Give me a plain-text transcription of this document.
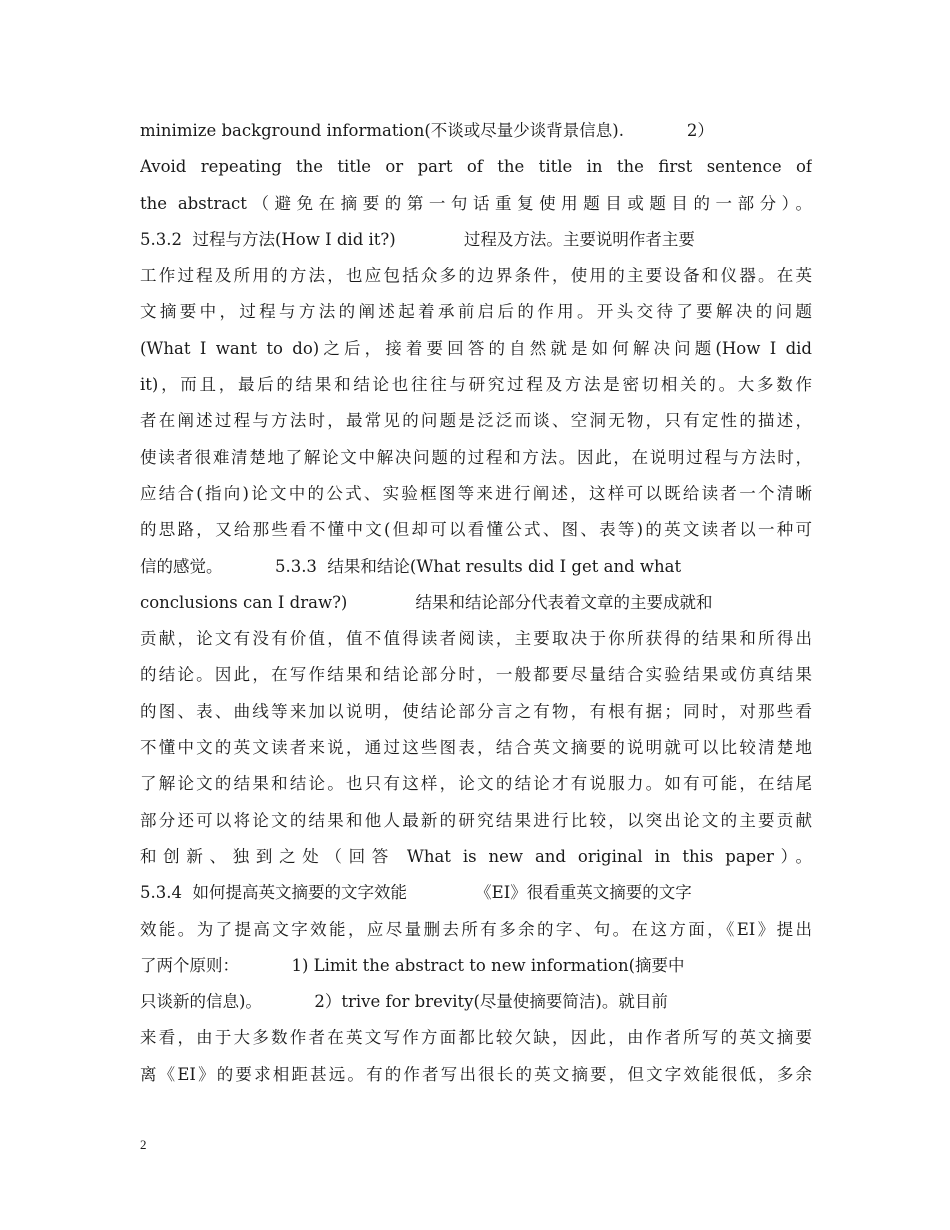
minimize background information(不谈或尽量少谈背景信息).            2）
Avoid repeating the title or part of the title in the first sentence of
the abstract（避免在摘要的第一句话重复使用题目或题目的一部分）。
5.3.2  过程与方法(How I did it?)             过程及方法。主要说明作者主要
工作过程及所用的方法，也应包括众多的边界条件，使用的主要设备和仪器。在英
文摘要中，过程与方法的阐述起着承前启后的作用。开头交待了要解决的问题
(What I want to do)之后，接着要回答的自然就是如何解决问题(How I did
it)，而且，最后的结果和结论也往往与研究过程及方法是密切相关的。大多数作
者在阐述过程与方法时，最常见的问题是泛泛而谈、空洞无物，只有定性的描述，
使读者很难清楚地了解论文中解决问题的过程和方法。因此，在说明过程与方法时，
应结合(指向)论文中的公式、实验框图等来进行阐述，这样可以既给读者一个清晰
的思路，又给那些看不懂中文(但却可以看懂公式、图、表等)的英文读者以一种可
信的感觉。          5.3.3  结果和结论(What results did I get and what
conclusions can I draw?)             结果和结论部分代表着文章的主要成就和
贡献，论文有没有价值，值不值得读者阅读，主要取决于你所获得的结果和所得出
的结论。因此，在写作结果和结论部分时，一般都要尽量结合实验结果或仿真结果
的图、表、曲线等来加以说明，使结论部分言之有物，有根有据；同时，对那些看
不懂中文的英文读者来说，通过这些图表，结合英文摘要的说明就可以比较清楚地
了解论文的结果和结论。也只有这样，论文的结论才有说服力。如有可能，在结尾
部分还可以将论文的结果和他人最新的研究结果进行比较，以突出论文的主要贡献
和创新、独到之处（回答 What is new and original in this paper）。
5.3.4  如何提高英文摘要的文字效能             《EI》很看重英文摘要的文字
效能。为了提高文字效能，应尽量删去所有多余的字、句。在这方面，《EI》提出
了两个原则：          1) Limit the abstract to new information(摘要中
只谈新的信息)。          2）trive for brevity(尽量使摘要简洁)。就目前
来看，由于大多数作者在英文写作方面都比较欠缺，因此，由作者所写的英文摘要
离《EI》的要求相距甚远。有的作者写出很长的英文摘要，但文字效能很低，多余
2
